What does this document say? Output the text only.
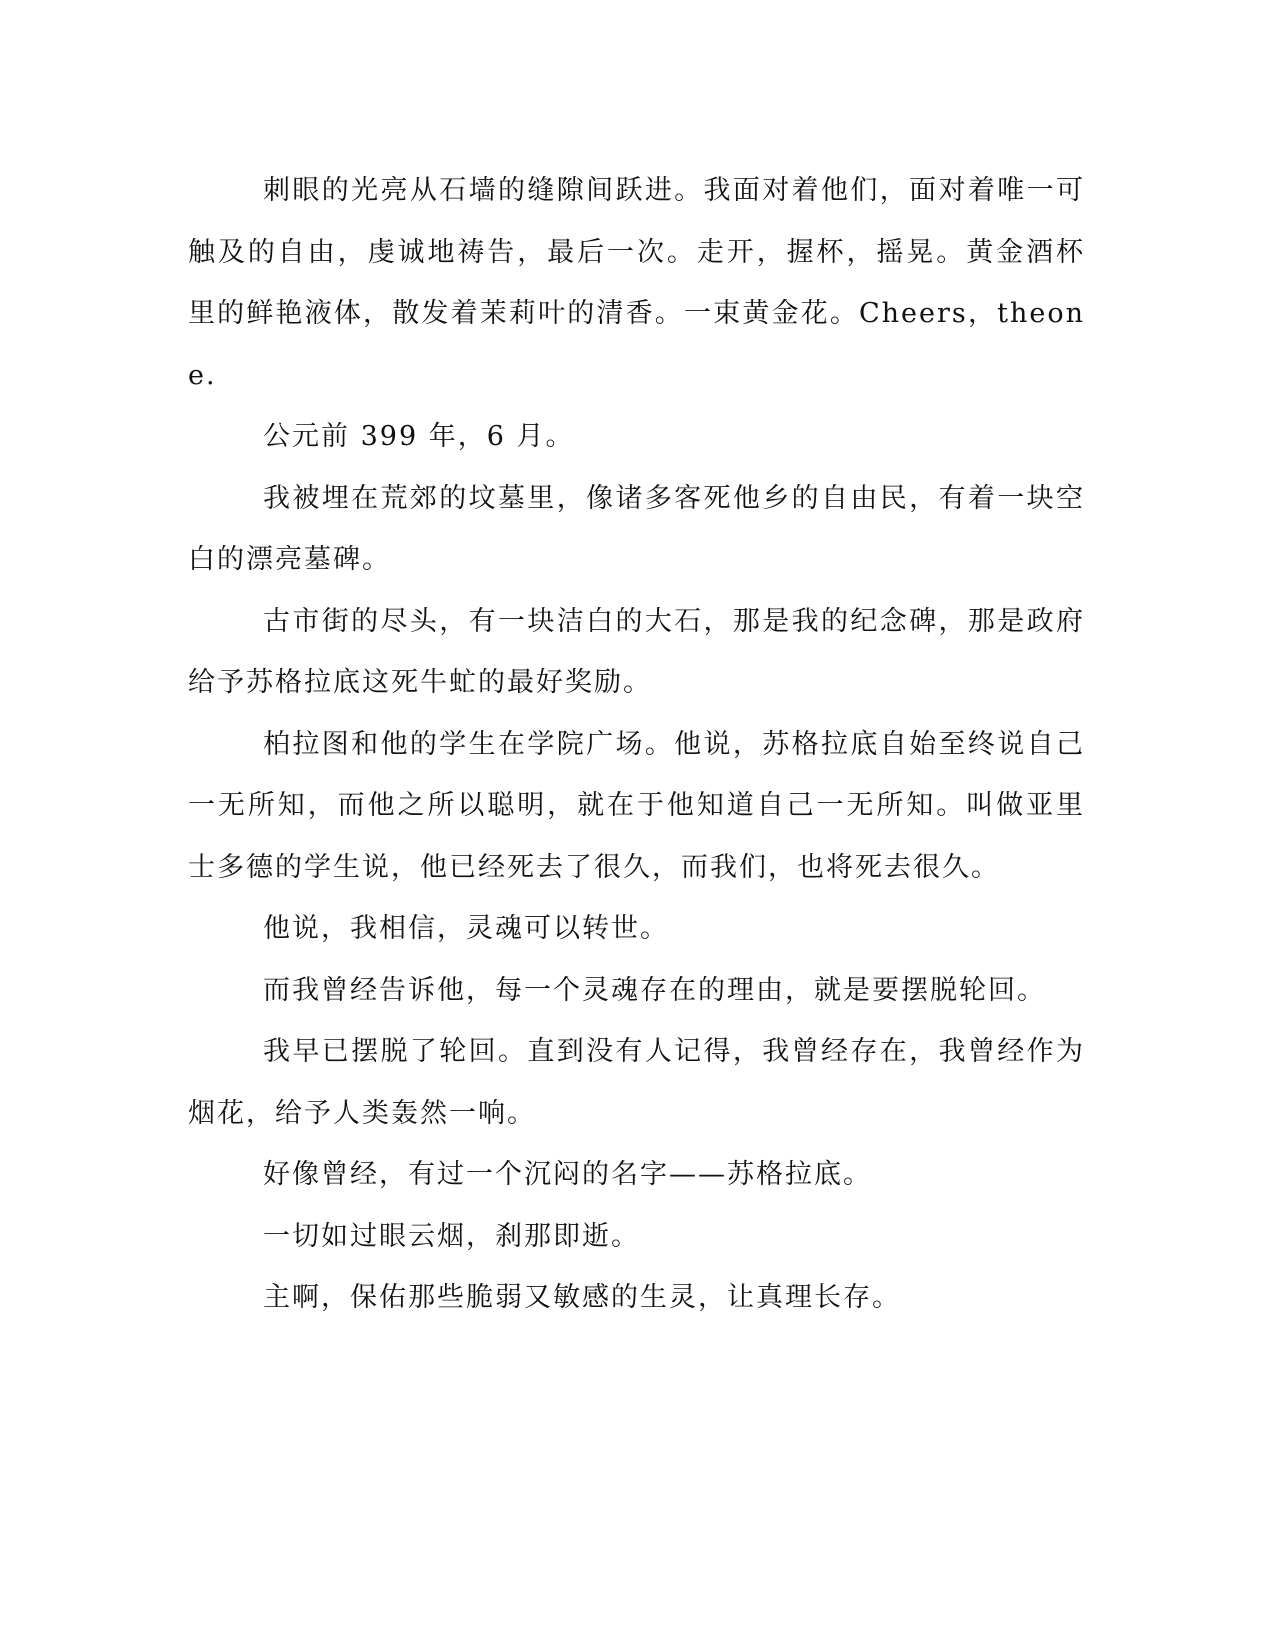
刺眼的光亮从石墙的缝隙间跃进。我面对着他们，面对着唯一可触及的自由，虔诚地祷告，最后一次。走开，握杯，摇晃。黄金酒杯里的鲜艳液体，散发着茉莉叶的清香。一束黄金花。Cheers，theone.

公元前 399 年，6 月。

我被埋在荒郊的坟墓里，像诸多客死他乡的自由民，有着一块空白的漂亮墓碑。

古市街的尽头，有一块洁白的大石，那是我的纪念碑，那是政府给予苏格拉底这死牛虻的最好奖励。

柏拉图和他的学生在学院广场。他说，苏格拉底自始至终说自己一无所知，而他之所以聪明，就在于他知道自己一无所知。叫做亚里士多德的学生说，他已经死去了很久，而我们，也将死去很久。

他说，我相信，灵魂可以转世。

而我曾经告诉他，每一个灵魂存在的理由，就是要摆脱轮回。

我早已摆脱了轮回。直到没有人记得，我曾经存在，我曾经作为烟花，给予人类轰然一响。

好像曾经，有过一个沉闷的名字——苏格拉底。

一切如过眼云烟，刹那即逝。

主啊，保佑那些脆弱又敏感的生灵，让真理长存。
